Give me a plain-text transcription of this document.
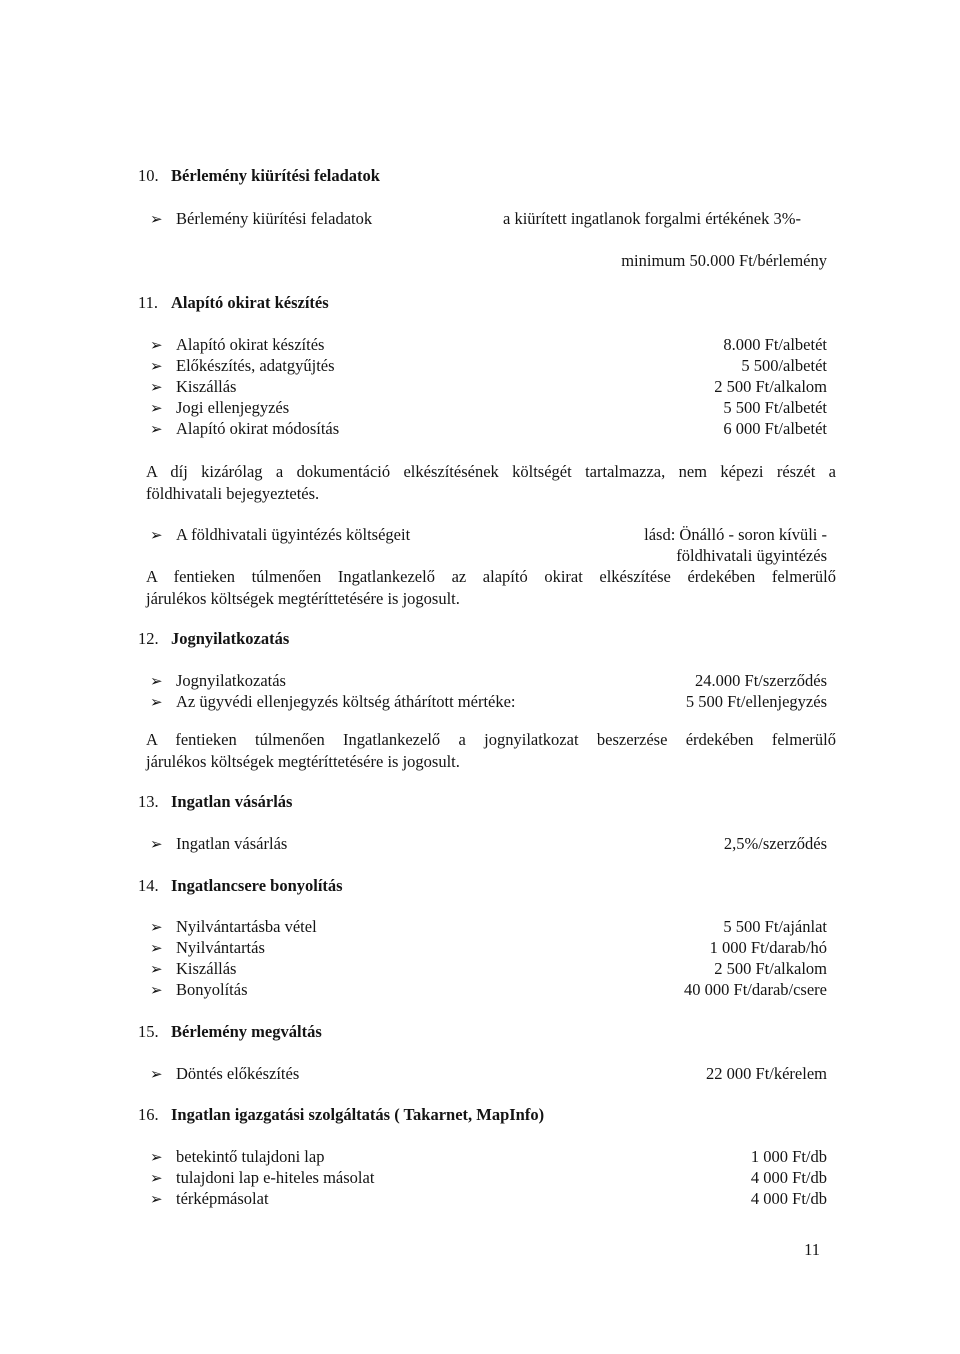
10. Bérlemény kiürítési feladatok
➢ Bérlemény kiürítési feladatok	a kiürített ingatlanok forgalmi értékének 3%-
minimum 50.000 Ft/bérlemény
11. Alapító okirat készítés
➢ Alapító okirat készítés	8.000 Ft/albetét
➢ Előkészítés, adatgyűjtés	5 500/albetét
➢ Kiszállás	2 500 Ft/alkalom
➢ Jogi ellenjegyzés	5 500 Ft/albetét
➢ Alapító okirat módosítás	6 000 Ft/albetét
A díj kizárólag a dokumentáció elkészítésének költségét tartalmazza, nem képezi részét a
földhivatali bejegyeztetés.
➢ A földhivatali ügyintézés költségeit	lásd: Önálló - soron kívüli -
földhivatali ügyintézés
A fentieken túlmenően Ingatlankezelő az alapító okirat elkészítése érdekében felmerülő
járulékos költségek megtéríttetésére is jogosult.
12. Jognyilatkozatás
➢ Jognyilatkozatás	24.000 Ft/szerződés
➢ Az ügyvédi ellenjegyzés költség áthárított mértéke:	5 500 Ft/ellenjegyzés
A fentieken túlmenően Ingatlankezelő a jognyilatkozat beszerzése érdekében felmerülő
járulékos költségek megtéríttetésére is jogosult.
13. Ingatlan vásárlás
➢ Ingatlan vásárlás	2,5%/szerződés
14. Ingatlancsere bonyolítás
➢ Nyilvántartásba vétel	5 500 Ft/ajánlat
➢ Nyilvántartás	1 000 Ft/darab/hó
➢ Kiszállás	2 500 Ft/alkalom
➢ Bonyolítás	40 000 Ft/darab/csere
15. Bérlemény megváltás
➢ Döntés előkészítés	22 000 Ft/kérelem
16. Ingatlan igazgatási szolgáltatás ( Takarnet, MapInfo)
➢ betekintő tulajdoni lap	1 000 Ft/db
➢ tulajdoni lap e-hiteles másolat	4 000 Ft/db
➢ térképmásolat	4 000 Ft/db
11
